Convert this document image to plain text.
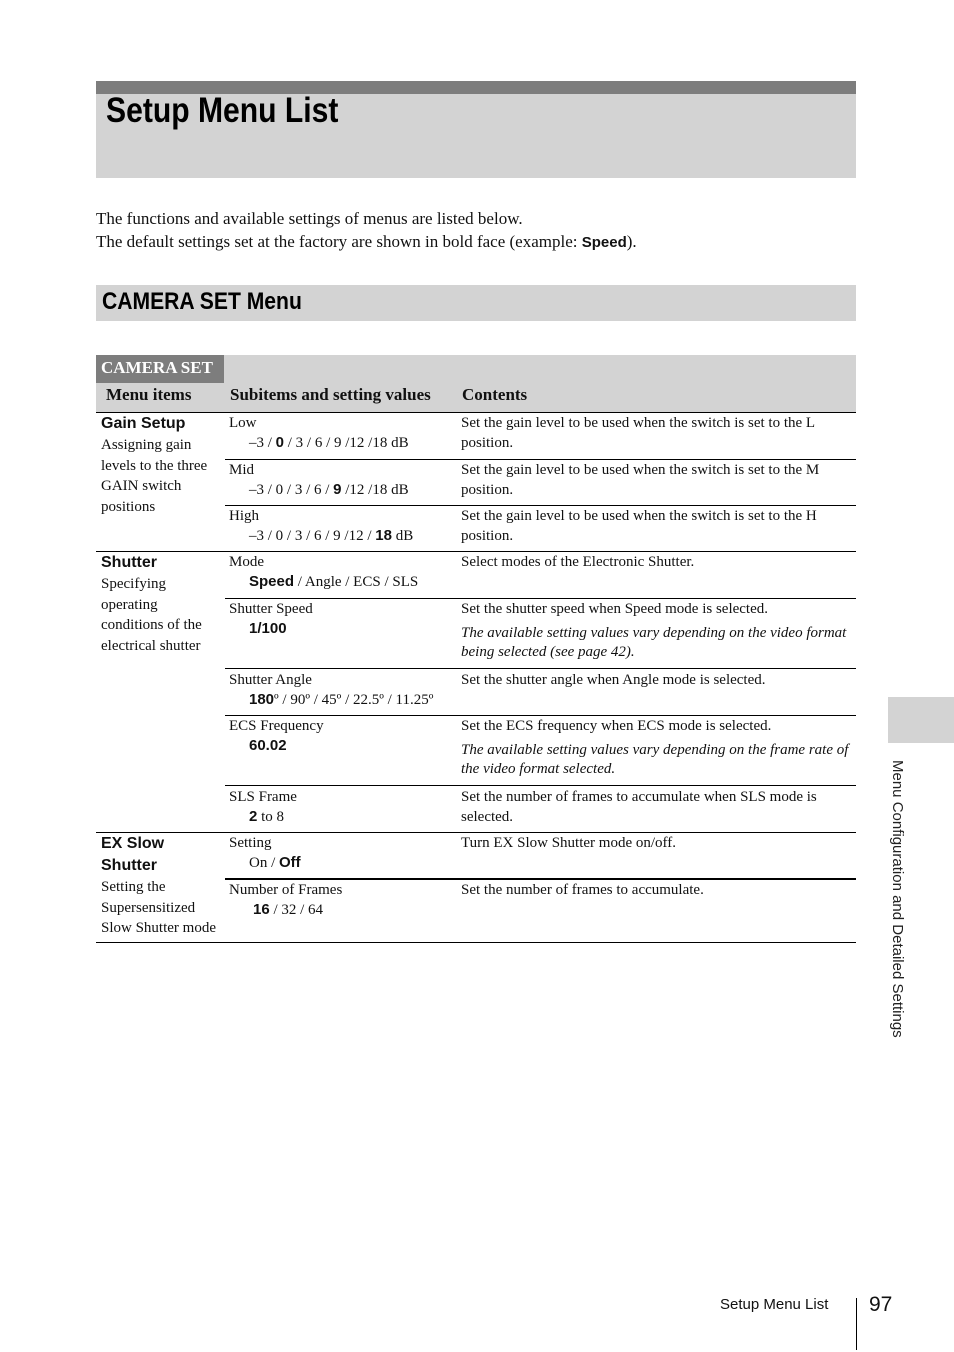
Setup Menu List
The functions and available settings of menus are listed below.
The default settings set at the factory are shown in bold face (example: Speed).
CAMERA SET Menu
CAMERA SET
Menu items Subitems and setting values Contents
Gain Setup
Assigning gain levels to the three GAIN switch positions
Low
–3 / 0 / 3 / 6 / 9 /12 /18 dB
Set the gain level to be used when the switch is set to the L position.
Mid
–3 / 0 / 3 / 6 / 9 /12 /18 dB
Set the gain level to be used when the switch is set to the M position.
High
–3 / 0 / 3 / 6 / 9 /12 / 18 dB
Set the gain level to be used when the switch is set to the H position.
Shutter
Specifying operating conditions of the electrical shutter
Mode
Speed / Angle / ECS / SLS
Select modes of the Electronic Shutter.
Shutter Speed
1/100
Set the shutter speed when Speed mode is selected.
The available setting values vary depending on the video format being selected (see page 42).
Shutter Angle
180º / 90º / 45º / 22.5º / 11.25º
Set the shutter angle when Angle mode is selected.
ECS Frequency
60.02
Set the ECS frequency when ECS mode is selected.
The available setting values vary depending on the frame rate of the video format selected.
SLS Frame
2 to 8
Set the number of frames to accumulate when SLS mode is selected.
EX Slow
Shutter
Setting the Supersensitized Slow Shutter mode
Setting
On / Off
Turn EX Slow Shutter mode on/off.
Number of Frames
16 / 32 / 64
Set the number of frames to accumulate.	Menu Configuration and Detailed Settings
Setup Menu List 97
